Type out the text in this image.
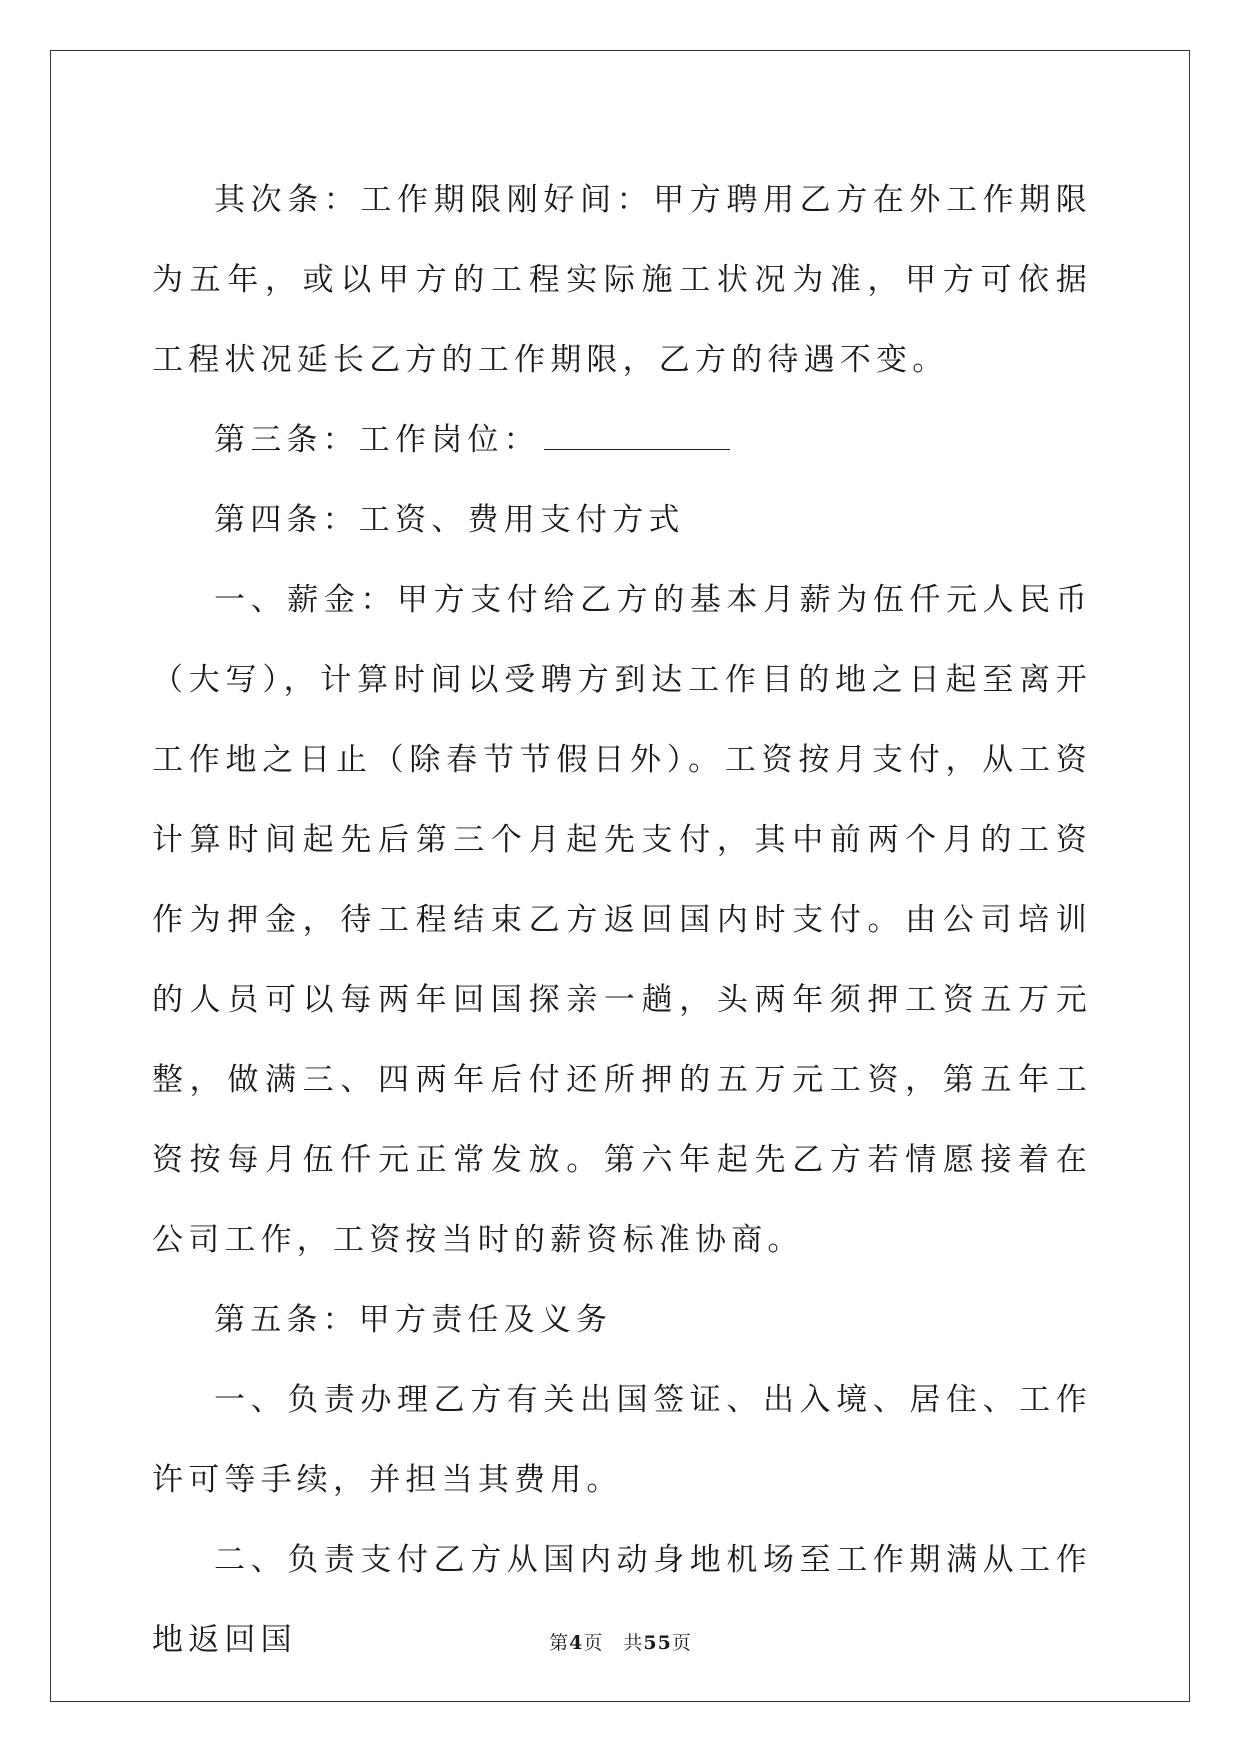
其次条：工作期限刚好间：甲方聘用乙方在外工作期限为五年，或以甲方的工程实际施工状况为准，甲方可依据工程状况延长乙方的工作期限，乙方的待遇不变。

第三条：工作岗位：

第四条：工资、费用支付方式

一、薪金：甲方支付给乙方的基本月薪为伍仟元人民币（大写），计算时间以受聘方到达工作目的地之日起至离开工作地之日止（除春节节假日外）。工资按月支付，从工资计算时间起先后第三个月起先支付，其中前两个月的工资作为押金，待工程结束乙方返回国内时支付。由公司培训的人员可以每两年回国探亲一趟，头两年须押工资五万元整，做满三、四两年后付还所押的五万元工资，第五年工资按每月伍仟元正常发放。第六年起先乙方若情愿接着在公司工作，工资按当时的薪资标准协商。

第五条：甲方责任及义务

一、负责办理乙方有关出国签证、出入境、居住、工作许可等手续，并担当其费用。

二、负责支付乙方从国内动身地机场至工作期满从工作地返回国	第4页 共55页
